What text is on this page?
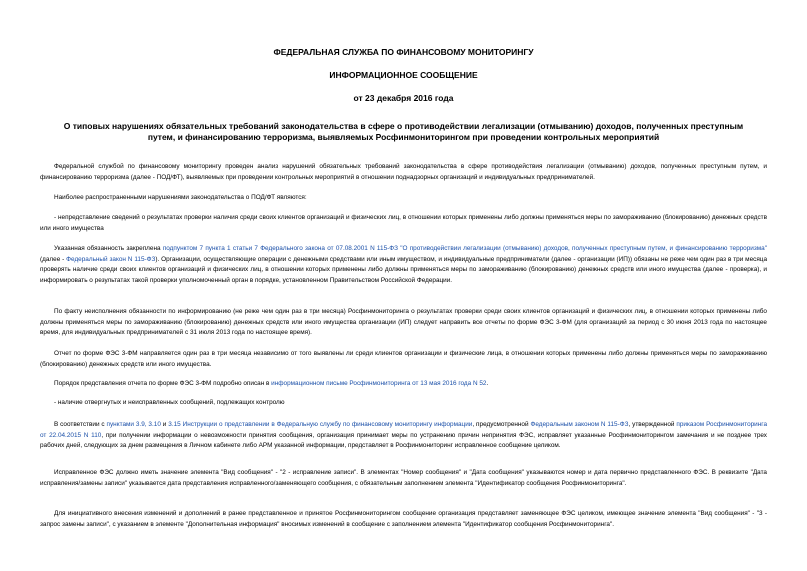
ФЕДЕРАЛЬНАЯ СЛУЖБА ПО ФИНАНСОВОМУ МОНИТОРИНГУ
ИНФОРМАЦИОННОЕ СООБЩЕНИЕ
от 23 декабря 2016 года
О типовых нарушениях обязательных требований законодательства в сфере о противодействии легализации (отмыванию) доходов, полученных преступным
путем, и финансированию терроризма, выявляемых Росфинмониторингом при проведении контрольных мероприятий
Федеральной службой по финансовому мониторингу проведен анализ нарушений обязательных требований законодательства в сфере противодействия легализации (отмыванию) доходов, полученных преступным путем, и финансированию терроризма (далее - ПОД/ФТ), выявляемых при проведении контрольных мероприятий в отношении поднадзорных организаций и индивидуальных предпринимателей.
Наиболее распространенными нарушениями законодательства о ПОД/ФТ являются:
- непредставление сведений о результатах проверки наличия среди своих клиентов организаций и физических лиц, в отношении которых применены либо должны применяться меры по замораживанию (блокированию) денежных средств или иного имущества
Указанная обязанность закреплена подпунктом 7 пункта 1 статьи 7 Федерального закона от 07.08.2001 N 115-ФЗ "О противодействии легализации (отмыванию) доходов, полученных преступным путем, и финансированию терроризма" (далее - Федеральный закон N 115-ФЗ). Организации, осуществляющие операции с денежными средствами или иным имуществом, и индивидуальные предприниматели (далее - организации (ИП)) обязаны не реже чем один раз в три месяца проверять наличие среди своих клиентов организаций и физических лиц, в отношении которых применены либо должны применяться меры по замораживанию (блокированию) денежных средств или иного имущества (далее - проверка), и информировать о результатах такой проверки уполномоченный орган в порядке, установленном Правительством Российской Федерации.
По факту неисполнения обязанности по информированию (не реже чем один раз в три месяца) Росфинмониторинга о результатах проверки среди своих клиентов организаций и физических лиц, в отношении которых применены либо должны применяться меры по замораживанию (блокированию) денежных средств или иного имущества организации (ИП) следует направить все отчеты по форме ФЭС 3-ФМ (для организаций за период с 30 июня 2013 года по настоящее время, для индивидуальных предпринимателей с 31 июля 2013 года по настоящее время).
Отчет по форме ФЭС 3-ФМ направляется один раз в три месяца независимо от того выявлены ли среди клиентов организации и физические лица, в отношении которых применены либо должны применяться меры по замораживанию (блокированию) денежных средств или иного имущества.
Порядок представления отчета по форме ФЭС 3-ФМ подробно описан в информационном письме Росфинмониторинга от 13 мая 2016 года N 52.
- наличие отвергнутых и неисправленных сообщений, подлежащих контролю
В соответствии с пунктами 3.9, 3.10 и 3.15 Инструкции о представлении в Федеральную службу по финансовому мониторингу информации, предусмотренной Федеральным законом N 115-ФЗ, утвержденной приказом Росфинмониторинга от 22.04.2015 N 110, при получении информации о невозможности принятия сообщения, организация принимает меры по устранению причин непринятия ФЭС, исправляет указанные Росфинмониторингом замечания и не позднее трех рабочих дней, следующих за днем размещения в Личном кабинете либо АРМ указанной информации, представляет в Росфинмониторинг исправленное сообщение целиком.
Исправленное ФЭС должно иметь значение элемента "Вид сообщения" - "2 - исправление записи". В элементах "Номер сообщения" и "Дата сообщения" указываются номер и дата первично представленного ФЭС. В реквизите "Дата исправления/замены записи" указывается дата представления исправленного/заменяющего сообщения, с обязательным заполнением элемента "Идентификатор сообщения Росфинмониторинга".
Для инициативного внесения изменений и дополнений в ранее представленное и принятое Росфинмониторингом сообщение организация представляет заменяющее ФЭС целиком, имеющее значение элемента "Вид сообщения" - "3 - запрос замены записи", с указанием в элементе "Дополнительная информация" вносимых изменений в сообщение с заполнением элемента "Идентификатор сообщения Росфинмониторинга".
